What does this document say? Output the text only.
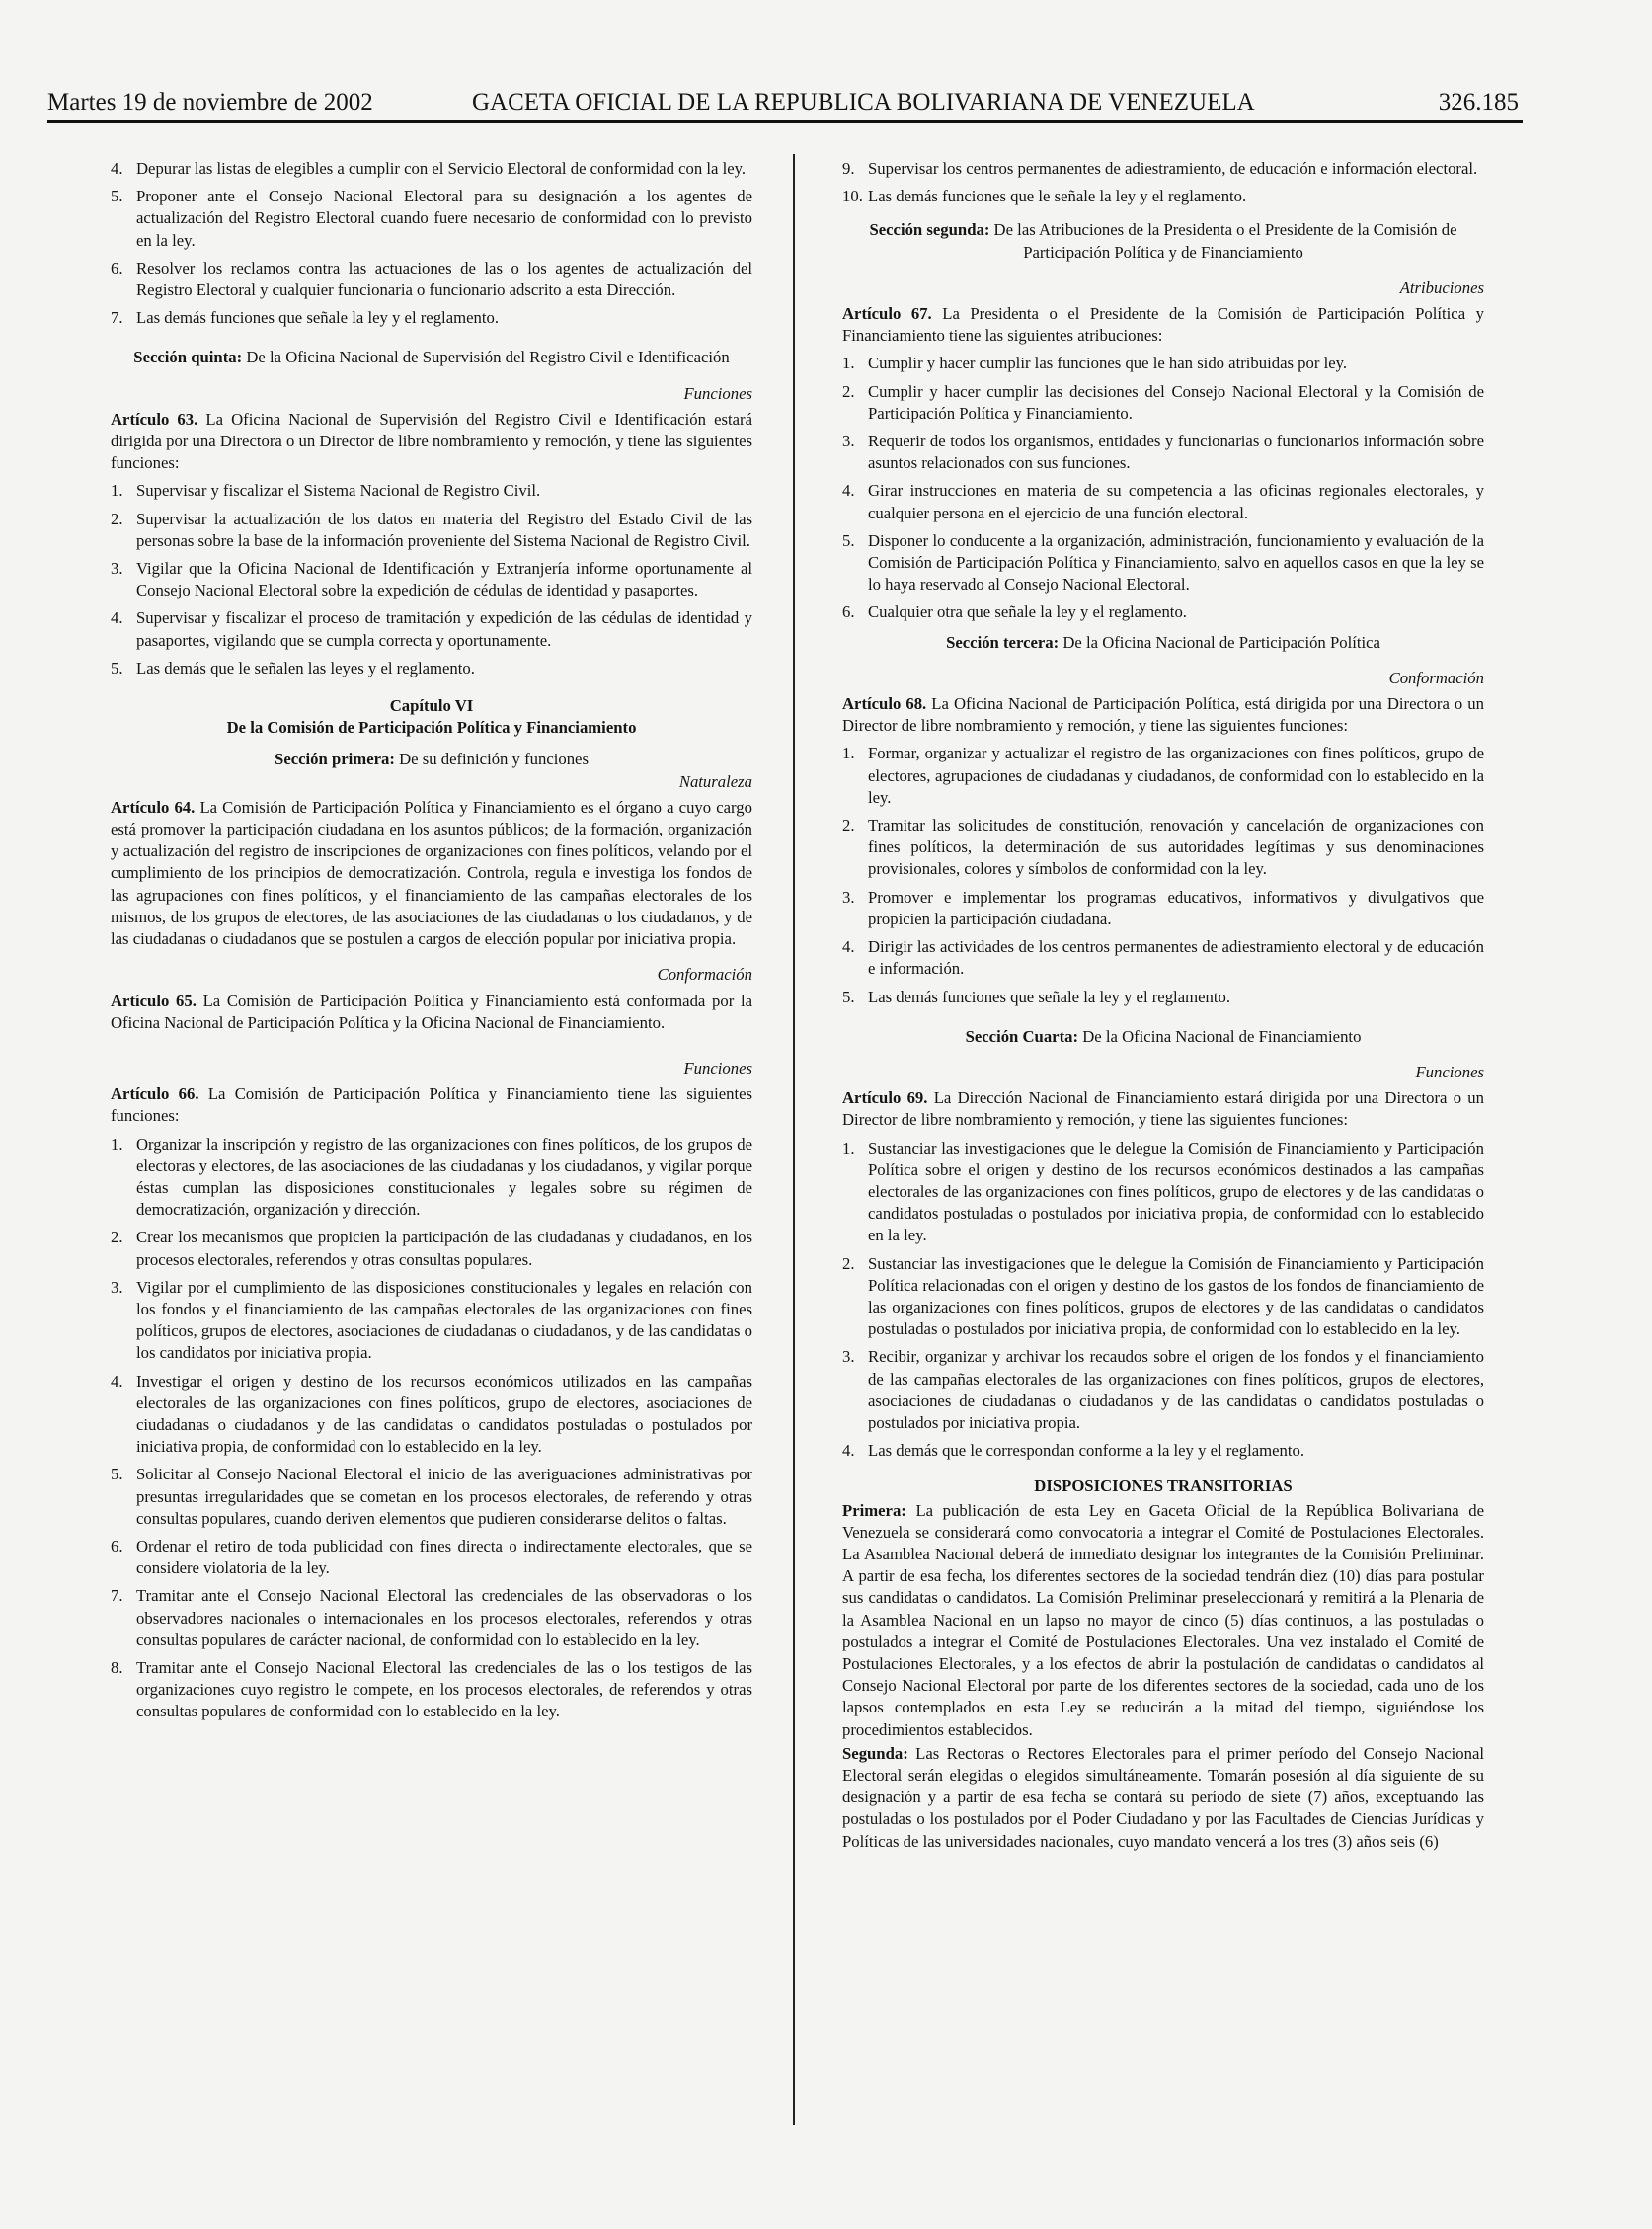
Martes 19 de noviembre de 2002	GACETA OFICIAL DE LA REPUBLICA BOLIVARIANA DE VENEZUELA	326.185
4. Depurar las listas de elegibles a cumplir con el Servicio Electoral de conformidad con la ley.
5. Proponer ante el Consejo Nacional Electoral para su designación a los agentes de actualización del Registro Electoral cuando fuere necesario de conformidad con lo previsto en la ley.
6. Resolver los reclamos contra las actuaciones de las o los agentes de actualización del Registro Electoral y cualquier funcionaria o funcionario adscrito a esta Dirección.
7. Las demás funciones que señale la ley y el reglamento.
Sección quinta: De la Oficina Nacional de Supervisión del Registro Civil e Identificación
Funciones
Artículo 63. La Oficina Nacional de Supervisión del Registro Civil e Identificación estará dirigida por una Directora o un Director de libre nombramiento y remoción, y tiene las siguientes funciones:
1. Supervisar y fiscalizar el Sistema Nacional de Registro Civil.
2. Supervisar la actualización de los datos en materia del Registro del Estado Civil de las personas sobre la base de la información proveniente del Sistema Nacional de Registro Civil.
3. Vigilar que la Oficina Nacional de Identificación y Extranjería informe oportunamente al Consejo Nacional Electoral sobre la expedición de cédulas de identidad y pasaportes.
4. Supervisar y fiscalizar el proceso de tramitación y expedición de las cédulas de identidad y pasaportes, vigilando que se cumpla correcta y oportunamente.
5. Las demás que le señalen las leyes y el reglamento.
Capítulo VI
De la Comisión de Participación Política y Financiamiento
Sección primera: De su definición y funciones
Naturaleza
Artículo 64. La Comisión de Participación Política y Financiamiento es el órgano a cuyo cargo está promover la participación ciudadana en los asuntos públicos; de la formación, organización y actualización del registro de inscripciones de organizaciones con fines políticos, velando por el cumplimiento de los principios de democratización. Controla, regula e investiga los fondos de las agrupaciones con fines políticos, y el financiamiento de las campañas electorales de los mismos, de los grupos de electores, de las asociaciones de las ciudadanas o los ciudadanos, y de las ciudadanas o ciudadanos que se postulen a cargos de elección popular por iniciativa propia.
Conformación
Artículo 65. La Comisión de Participación Política y Financiamiento está conformada por la Oficina Nacional de Participación Política y la Oficina Nacional de Financiamiento.
Funciones
Artículo 66. La Comisión de Participación Política y Financiamiento tiene las siguientes funciones:
1. Organizar la inscripción y registro de las organizaciones con fines políticos, de los grupos de electoras y electores, de las asociaciones de las ciudadanas y los ciudadanos, y vigilar porque éstas cumplan las disposiciones constitucionales y legales sobre su régimen de democratización, organización y dirección.
2. Crear los mecanismos que propicien la participación de las ciudadanas y ciudadanos, en los procesos electorales, referendos y otras consultas populares.
3. Vigilar por el cumplimiento de las disposiciones constitucionales y legales en relación con los fondos y el financiamiento de las campañas electorales de las organizaciones con fines políticos, grupos de electores, asociaciones de ciudadanas o ciudadanos, y de las candidatas o los candidatos por iniciativa propia.
4. Investigar el origen y destino de los recursos económicos utilizados en las campañas electorales de las organizaciones con fines políticos, grupo de electores, asociaciones de ciudadanas o ciudadanos y de las candidatas o candidatos postuladas o postulados por iniciativa propia, de conformidad con lo establecido en la ley.
5. Solicitar al Consejo Nacional Electoral el inicio de las averiguaciones administrativas por presuntas irregularidades que se cometan en los procesos electorales, de referendo y otras consultas populares, cuando deriven elementos que pudieren considerarse delitos o faltas.
6. Ordenar el retiro de toda publicidad con fines directa o indirectamente electorales, que se considere violatoria de la ley.
7. Tramitar ante el Consejo Nacional Electoral las credenciales de las observadoras o los observadores nacionales o internacionales en los procesos electorales, referendos y otras consultas populares de carácter nacional, de conformidad con lo establecido en la ley.
8. Tramitar ante el Consejo Nacional Electoral las credenciales de las o los testigos de las organizaciones cuyo registro le compete, en los procesos electorales, de referendos y otras consultas populares de conformidad con lo establecido en la ley.
9. Supervisar los centros permanentes de adiestramiento, de educación e información electoral.
10. Las demás funciones que le señale la ley y el reglamento.
Sección segunda: De las Atribuciones de la Presidenta o el Presidente de la Comisión de Participación Política y de Financiamiento
Atribuciones
Artículo 67. La Presidenta o el Presidente de la Comisión de Participación Política y Financiamiento tiene las siguientes atribuciones:
1. Cumplir y hacer cumplir las funciones que le han sido atribuidas por ley.
2. Cumplir y hacer cumplir las decisiones del Consejo Nacional Electoral y la Comisión de Participación Política y Financiamiento.
3. Requerir de todos los organismos, entidades y funcionarias o funcionarios información sobre asuntos relacionados con sus funciones.
4. Girar instrucciones en materia de su competencia a las oficinas regionales electorales, y cualquier persona en el ejercicio de una función electoral.
5. Disponer lo conducente a la organización, administración, funcionamiento y evaluación de la Comisión de Participación Política y Financiamiento, salvo en aquellos casos en que la ley se lo haya reservado al Consejo Nacional Electoral.
6. Cualquier otra que señale la ley y el reglamento.
Sección tercera: De la Oficina Nacional de Participación Política
Conformación
Artículo 68. La Oficina Nacional de Participación Política, está dirigida por una Directora o un Director de libre nombramiento y remoción, y tiene las siguientes funciones:
1. Formar, organizar y actualizar el registro de las organizaciones con fines políticos, grupo de electores, agrupaciones de ciudadanas y ciudadanos, de conformidad con lo establecido en la ley.
2. Tramitar las solicitudes de constitución, renovación y cancelación de organizaciones con fines políticos, la determinación de sus autoridades legítimas y sus denominaciones provisionales, colores y símbolos de conformidad con la ley.
3. Promover e implementar los programas educativos, informativos y divulgativos que propicien la participación ciudadana.
4. Dirigir las actividades de los centros permanentes de adiestramiento electoral y de educación e información.
5. Las demás funciones que señale la ley y el reglamento.
Sección Cuarta: De la Oficina Nacional de Financiamiento
Funciones
Artículo 69. La Dirección Nacional de Financiamiento estará dirigida por una Directora o un Director de libre nombramiento y remoción, y tiene las siguientes funciones:
1. Sustanciar las investigaciones que le delegue la Comisión de Financiamiento y Participación Política sobre el origen y destino de los recursos económicos destinados a las campañas electorales de las organizaciones con fines políticos, grupo de electores y de las candidatas o candidatos postuladas o postulados por iniciativa propia, de conformidad con lo establecido en la ley.
2. Sustanciar las investigaciones que le delegue la Comisión de Financiamiento y Participación Política relacionadas con el origen y destino de los gastos de los fondos de financiamiento de las organizaciones con fines políticos, grupos de electores y de las candidatas o candidatos postuladas o postulados por iniciativa propia, de conformidad con lo establecido en la ley.
3. Recibir, organizar y archivar los recaudos sobre el origen de los fondos y el financiamiento de las campañas electorales de las organizaciones con fines políticos, grupos de electores, asociaciones de ciudadanas o ciudadanos y de las candidatas o candidatos postuladas o postulados por iniciativa propia.
4. Las demás que le correspondan conforme a la ley y el reglamento.
DISPOSICIONES TRANSITORIAS
Primera: La publicación de esta Ley en Gaceta Oficial de la República Bolivariana de Venezuela se considerará como convocatoria a integrar el Comité de Postulaciones Electorales. La Asamblea Nacional deberá de inmediato designar los integrantes de la Comisión Preliminar. A partir de esa fecha, los diferentes sectores de la sociedad tendrán diez (10) días para postular sus candidatas o candidatos. La Comisión Preliminar preseleccionará y remitirá a la Plenaria de la Asamblea Nacional en un lapso no mayor de cinco (5) días continuos, a las postuladas o postulados a integrar el Comité de Postulaciones Electorales. Una vez instalado el Comité de Postulaciones Electorales, y a los efectos de abrir la postulación de candidatas o candidatos al Consejo Nacional Electoral por parte de los diferentes sectores de la sociedad, cada uno de los lapsos contemplados en esta Ley se reducirán a la mitad del tiempo, siguiéndose los procedimientos establecidos.
Segunda: Las Rectoras o Rectores Electorales para el primer período del Consejo Nacional Electoral serán elegidas o elegidos simultáneamente. Tomarán posesión al día siguiente de su designación y a partir de esa fecha se contará su período de siete (7) años, exceptuando las postuladas o los postulados por el Poder Ciudadano y por las Facultades de Ciencias Jurídicas y Políticas de las universidades nacionales, cuyo mandato vencerá a los tres (3) años seis (6)
